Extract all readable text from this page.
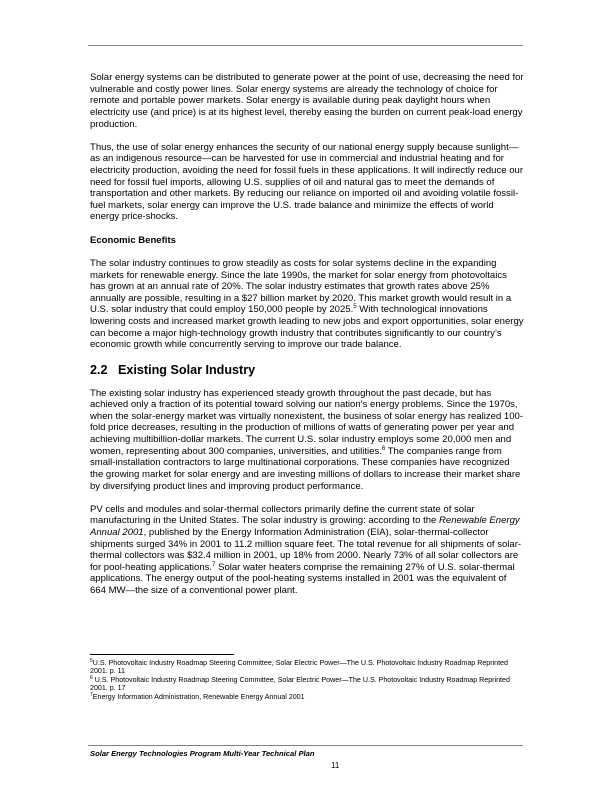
Solar energy systems can be distributed to generate power at the point of use, decreasing the need for vulnerable and costly power lines. Solar energy systems are already the technology of choice for remote and portable power markets. Solar energy is available during peak daylight hours when electricity use (and price) is at its highest level, thereby easing the burden on current peak-load energy production.

Thus, the use of solar energy enhances the security of our national energy supply because sunlight—as an indigenous resource—can be harvested for use in commercial and industrial heating and for electricity production, avoiding the need for fossil fuels in these applications. It will indirectly reduce our need for fossil fuel imports, allowing U.S. supplies of oil and natural gas to meet the demands of transportation and other markets. By reducing our reliance on imported oil and avoiding volatile fossil-fuel markets, solar energy can improve the U.S. trade balance and minimize the effects of world energy price-shocks.

Economic Benefits

The solar industry continues to grow steadily as costs for solar systems decline in the expanding markets for renewable energy. Since the late 1990s, the market for solar energy from photovoltaics has grown at an annual rate of 20%. The solar industry estimates that growth rates above 25% annually are possible, resulting in a $27 billion market by 2020. This market growth would result in a U.S. solar industry that could employ 150,000 people by 2025.$^5$ With technological innovations lowering costs and increased market growth leading to new jobs and export opportunities, solar energy can become a major high-technology growth industry that contributes significantly to our country’s economic growth while concurrently serving to improve our trade balance.

2.2 Existing Solar Industry

The existing solar industry has experienced steady growth throughout the past decade, but has achieved only a fraction of its potential toward solving our nation’s energy problems. Since the 1970s, when the solar-energy market was virtually nonexistent, the business of solar energy has realized 100-fold price decreases, resulting in the production of millions of watts of generating power per year and achieving multibillion-dollar markets. The current U.S. solar industry employs some 20,000 men and women, representing about 300 companies, universities, and utilities.$^6$ The companies range from small-installation contractors to large multinational corporations. These companies have recognized the growing market for solar energy and are investing millions of dollars to increase their market share by diversifying product lines and improving product performance.

PV cells and modules and solar-thermal collectors primarily define the current state of solar manufacturing in the United States. The solar industry is growing: according to the Renewable Energy Annual 2001, published by the Energy Information Administration (EIA), solar-thermal-collector shipments surged 34% in 2001 to 11.2 million square feet. The total revenue for all shipments of solar-thermal collectors was $32.4 million in 2001, up 18% from 2000. Nearly 73% of all solar collectors are for pool-heating applications.$^7$ Solar water heaters comprise the remaining 27% of U.S. solar-thermal applications. The energy output of the pool-heating systems installed in 2001 was the equivalent of 664 MW—the size of a conventional power plant.

$^5$U.S. Photovoltaic Industry Roadmap Steering Committee, Solar Electric Power—The U.S. Photovoltaic Industry Roadmap Reprinted 2001. p. 11
$^6$ U.S. Photovoltaic Industry Roadmap Steering Committee, Solar Electric Power—The U.S. Photovoltaic Industry Roadmap Reprinted 2001. p. 17
$^7$Energy Information Administration, Renewable Energy Annual 2001
Solar Energy Technologies Program Multi-Year Technical Plan
11
